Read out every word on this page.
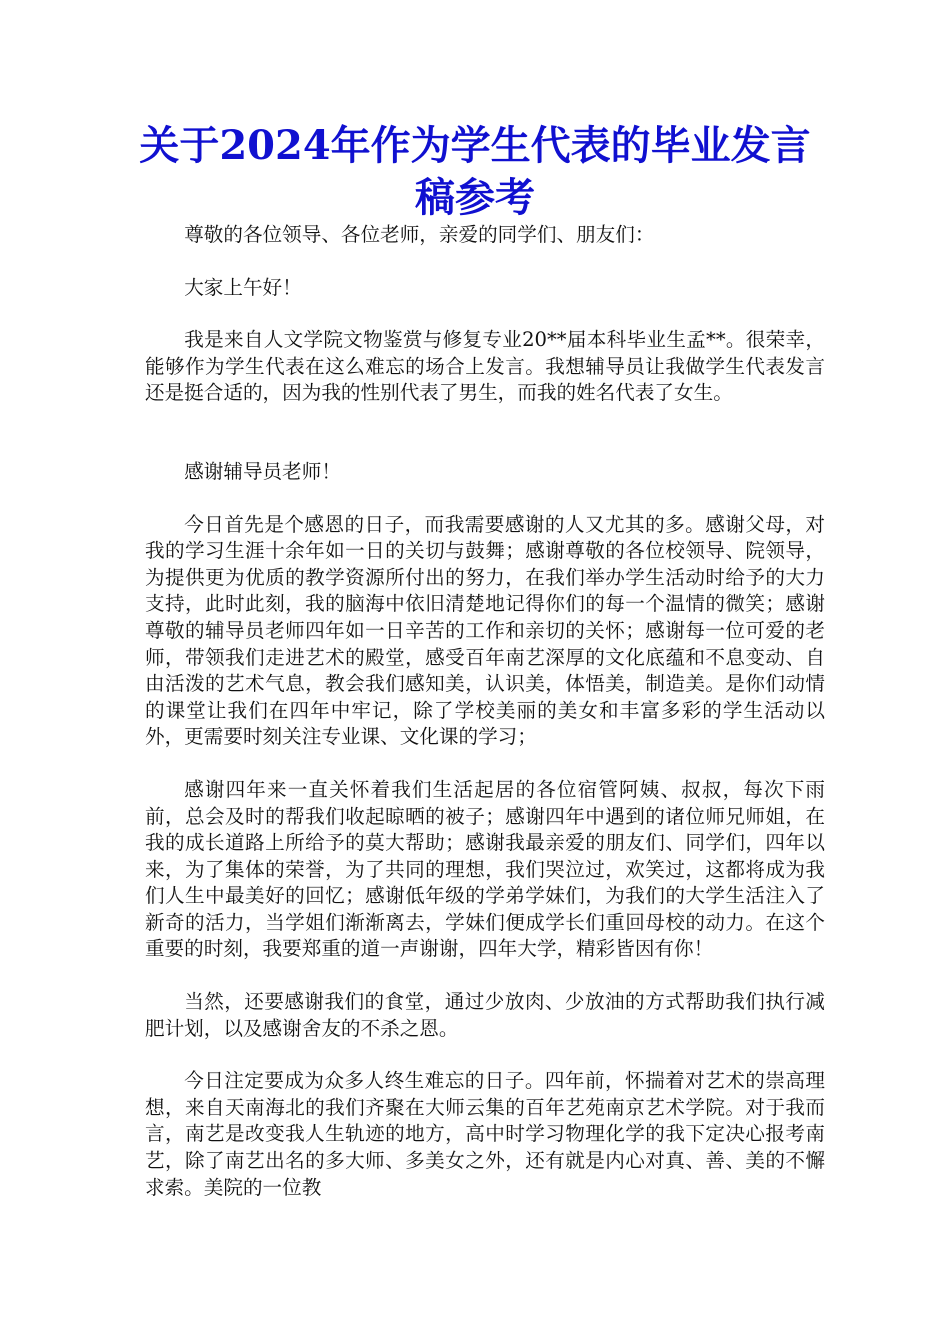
关于2024年作为学生代表的毕业发言稿参考

尊敬的各位领导、各位老师，亲爱的同学们、朋友们：

大家上午好！

我是来自人文学院文物鉴赏与修复专业20**届本科毕业生孟**。很荣幸，能够作为学生代表在这么难忘的场合上发言。我想辅导员让我做学生代表发言还是挺合适的，因为我的性别代表了男生，而我的姓名代表了女生。

感谢辅导员老师！

今日首先是个感恩的日子，而我需要感谢的人又尤其的多。感谢父母，对我的学习生涯十余年如一日的关切与鼓舞；感谢尊敬的各位校领导、院领导，为提供更为优质的教学资源所付出的努力，在我们举办学生活动时给予的大力支持，此时此刻，我的脑海中依旧清楚地记得你们的每一个温情的微笑；感谢尊敬的辅导员老师四年如一日辛苦的工作和亲切的关怀；感谢每一位可爱的老师，带领我们走进艺术的殿堂，感受百年南艺深厚的文化底蕴和不息变动、自由活泼的艺术气息，教会我们感知美，认识美，体悟美，制造美。是你们动情的课堂让我们在四年中牢记，除了学校美丽的美女和丰富多彩的学生活动以外，更需要时刻关注专业课、文化课的学习；

感谢四年来一直关怀着我们生活起居的各位宿管阿姨、叔叔，每次下雨前，总会及时的帮我们收起晾晒的被子；感谢四年中遇到的诸位师兄师姐，在我的成长道路上所给予的莫大帮助；感谢我最亲爱的朋友们、同学们，四年以来，为了集体的荣誉，为了共同的理想，我们哭泣过，欢笑过，这都将成为我们人生中最美好的回忆；感谢低年级的学弟学妹们，为我们的大学生活注入了新奇的活力，当学姐们渐渐离去，学妹们便成学长们重回母校的动力。在这个重要的时刻，我要郑重的道一声谢谢，四年大学，精彩皆因有你！

当然，还要感谢我们的食堂，通过少放肉、少放油的方式帮助我们执行减肥计划，以及感谢舍友的不杀之恩。

今日注定要成为众多人终生难忘的日子。四年前，怀揣着对艺术的崇高理想，来自天南海北的我们齐聚在大师云集的百年艺苑南京艺术学院。对于我而言，南艺是改变我人生轨迹的地方，高中时学习物理化学的我下定决心报考南艺，除了南艺出名的多大师、多美女之外，还有就是内心对真、善、美的不懈求索。美院的一位教
